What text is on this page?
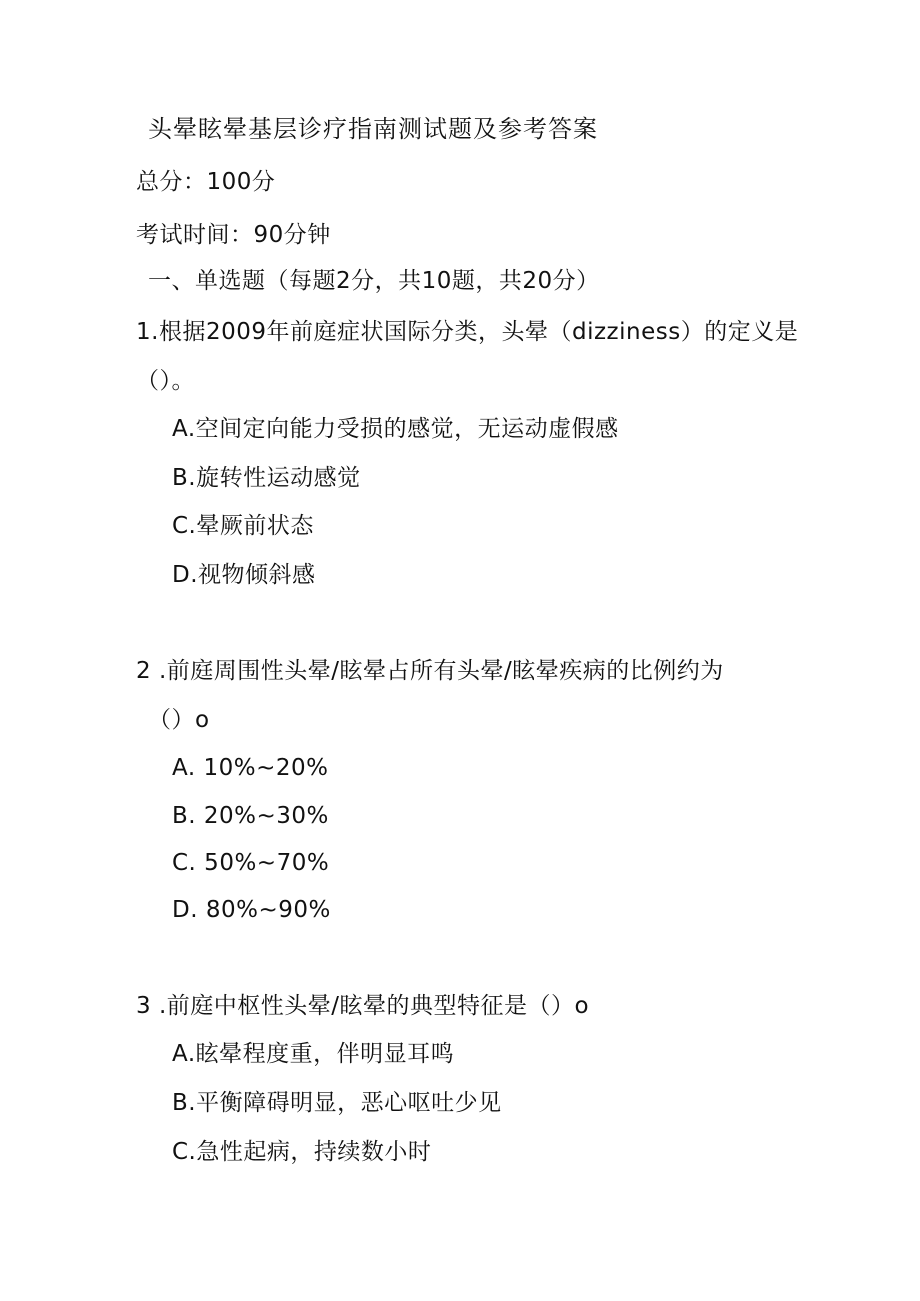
头晕眩晕基层诊疗指南测试题及参考答案
总分：100分
考试时间：90分钟
一、单选题（每题2分，共10题，共20分）
1.根据2009年前庭症状国际分类，头晕（dizziness）的定义是
（）。
A.空间定向能力受损的感觉，无运动虚假感
B.旋转性运动感觉
C.晕厥前状态
D.视物倾斜感
2 .前庭周围性头晕/眩晕占所有头晕/眩晕疾病的比例约为
（）o
A. 10%~20%
B. 20%~30%
C. 50%~70%
D. 80%~90%
3 .前庭中枢性头晕/眩晕的典型特征是（）o
A.眩晕程度重，伴明显耳鸣
B.平衡障碍明显，恶心呕吐少见
C.急性起病，持续数小时
